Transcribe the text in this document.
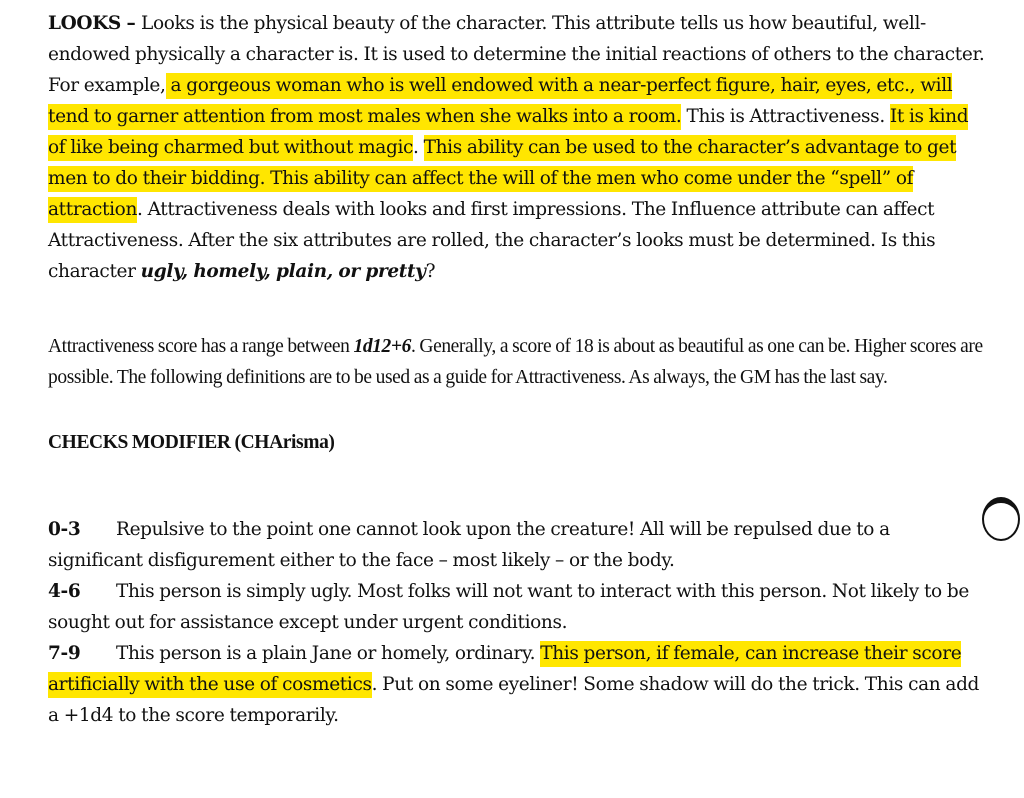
LOOKS – Looks is the physical beauty of the character. This attribute tells us how beautiful, well-endowed physically a character is. It is used to determine the initial reactions of others to the character. For example, a gorgeous woman who is well endowed with a near-perfect figure, hair, eyes, etc., will tend to garner attention from most males when she walks into a room. This is Attractiveness. It is kind of like being charmed but without magic. This ability can be used to the character’s advantage to get men to do their bidding. This ability can affect the will of the men who come under the “spell” of attraction. Attractiveness deals with looks and first impressions. The Influence attribute can affect Attractiveness. After the six attributes are rolled, the character’s looks must be determined. Is this character ugly, homely, plain, or pretty?

Attractiveness score has a range between 1d12+6. Generally, a score of 18 is about as beautiful as one can be. Higher scores are possible. The following definitions are to be used as a guide for Attractiveness. As always, the GM has the last say.

CHECKS MODIFIER (CHArisma)

0-3 Repulsive to the point one cannot look upon the creature! All will be repulsed due to a significant disfigurement either to the face – most likely – or the body.

4-6 This person is simply ugly. Most folks will not want to interact with this person. Not likely to be sought out for assistance except under urgent conditions.

7-9 This person is a plain Jane or homely, ordinary. This person, if female, can increase their score artificially with the use of cosmetics. Put on some eyeliner! Some shadow will do the trick. This can add a +1d4 to the score temporarily.
